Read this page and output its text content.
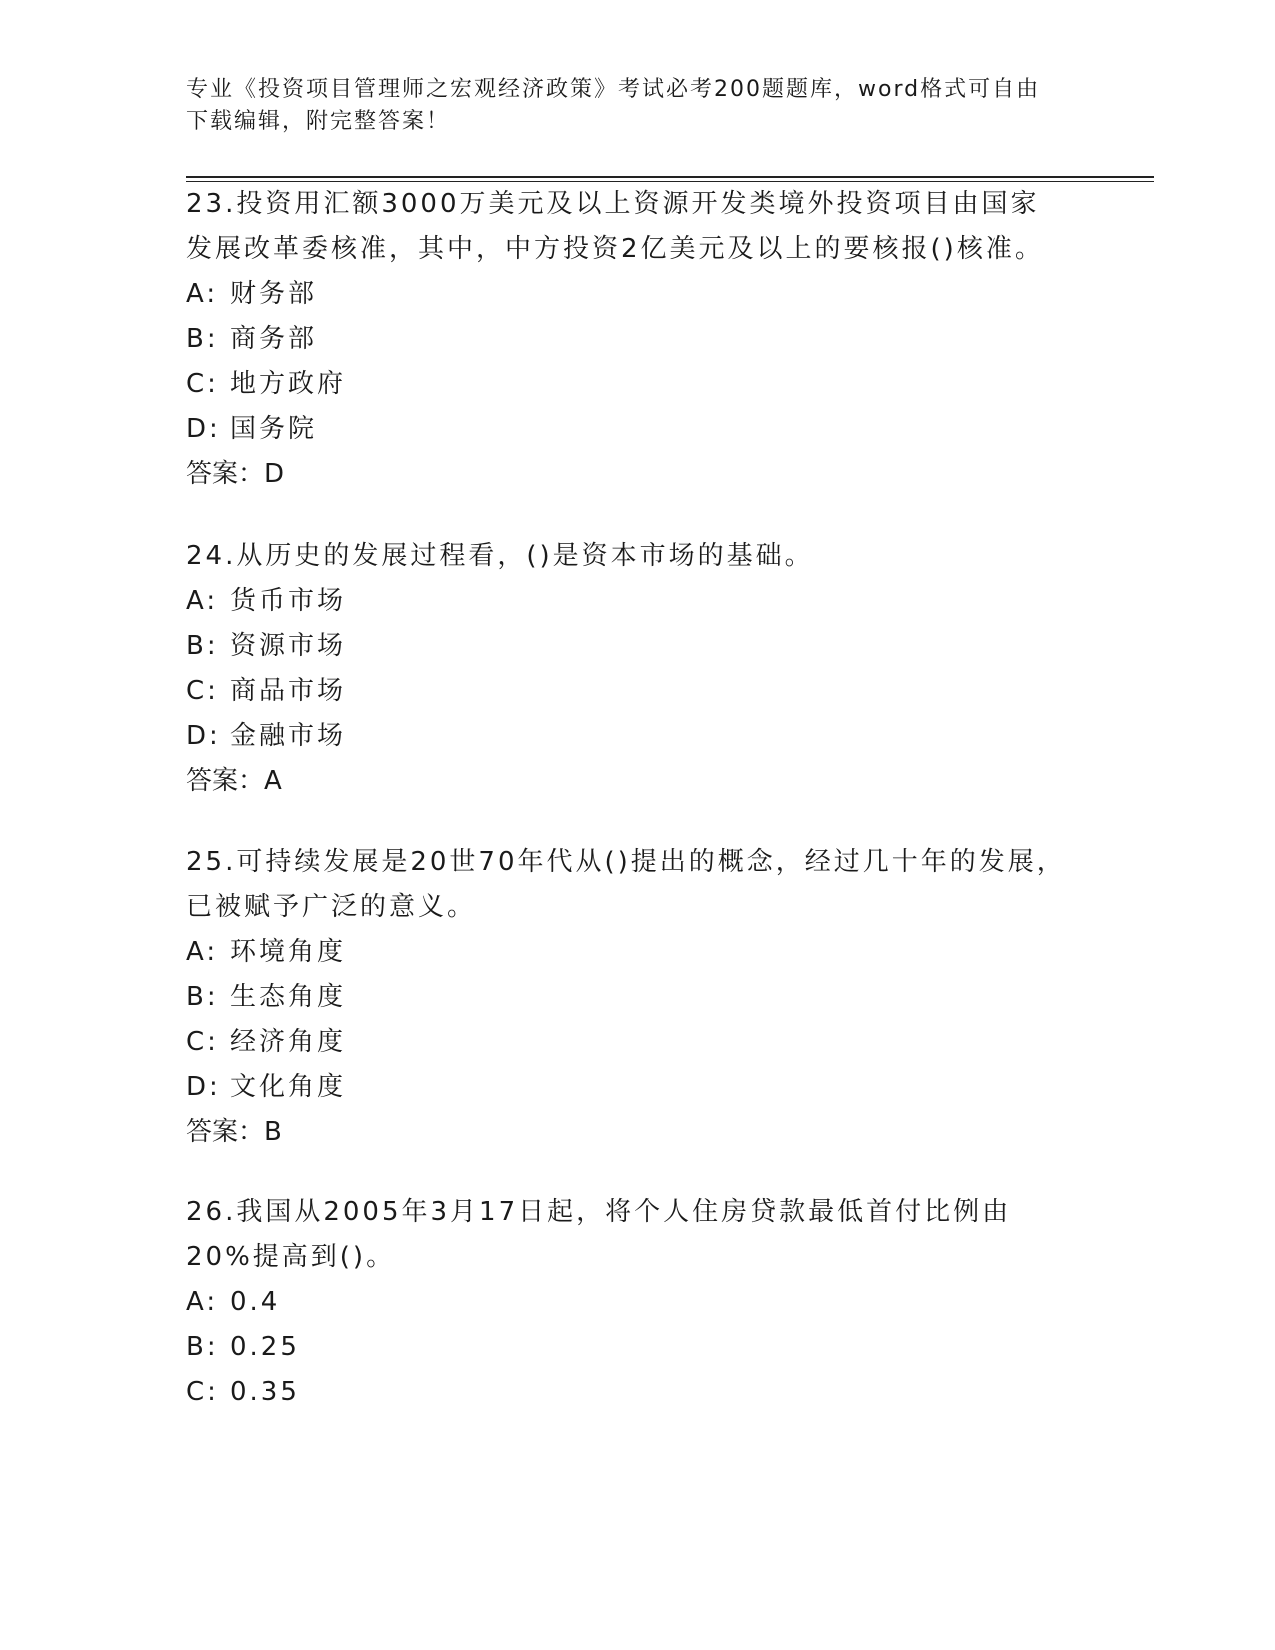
专业《投资项目管理师之宏观经济政策》考试必考200题题库，word格式可自由
下载编辑，附完整答案！

23.投资用汇额3000万美元及以上资源开发类境外投资项目由国家发展改革委核准，其中，中方投资2亿美元及以上的要核报()核准。

A: 财务部

B: 商务部

C: 地方政府

D: 国务院

答案：D

24.从历史的发展过程看，()是资本市场的基础。

A: 货币市场

B: 资源市场

C: 商品市场

D: 金融市场

答案：A

25.可持续发展是20世70年代从()提出的概念，经过几十年的发展，已被赋予广泛的意义。

A: 环境角度

B: 生态角度

C: 经济角度

D: 文化角度

答案：B

26.我国从2005年3月17日起，将个人住房贷款最低首付比例由20%提高到()。

A: 0.4

B: 0.25

C: 0.35
